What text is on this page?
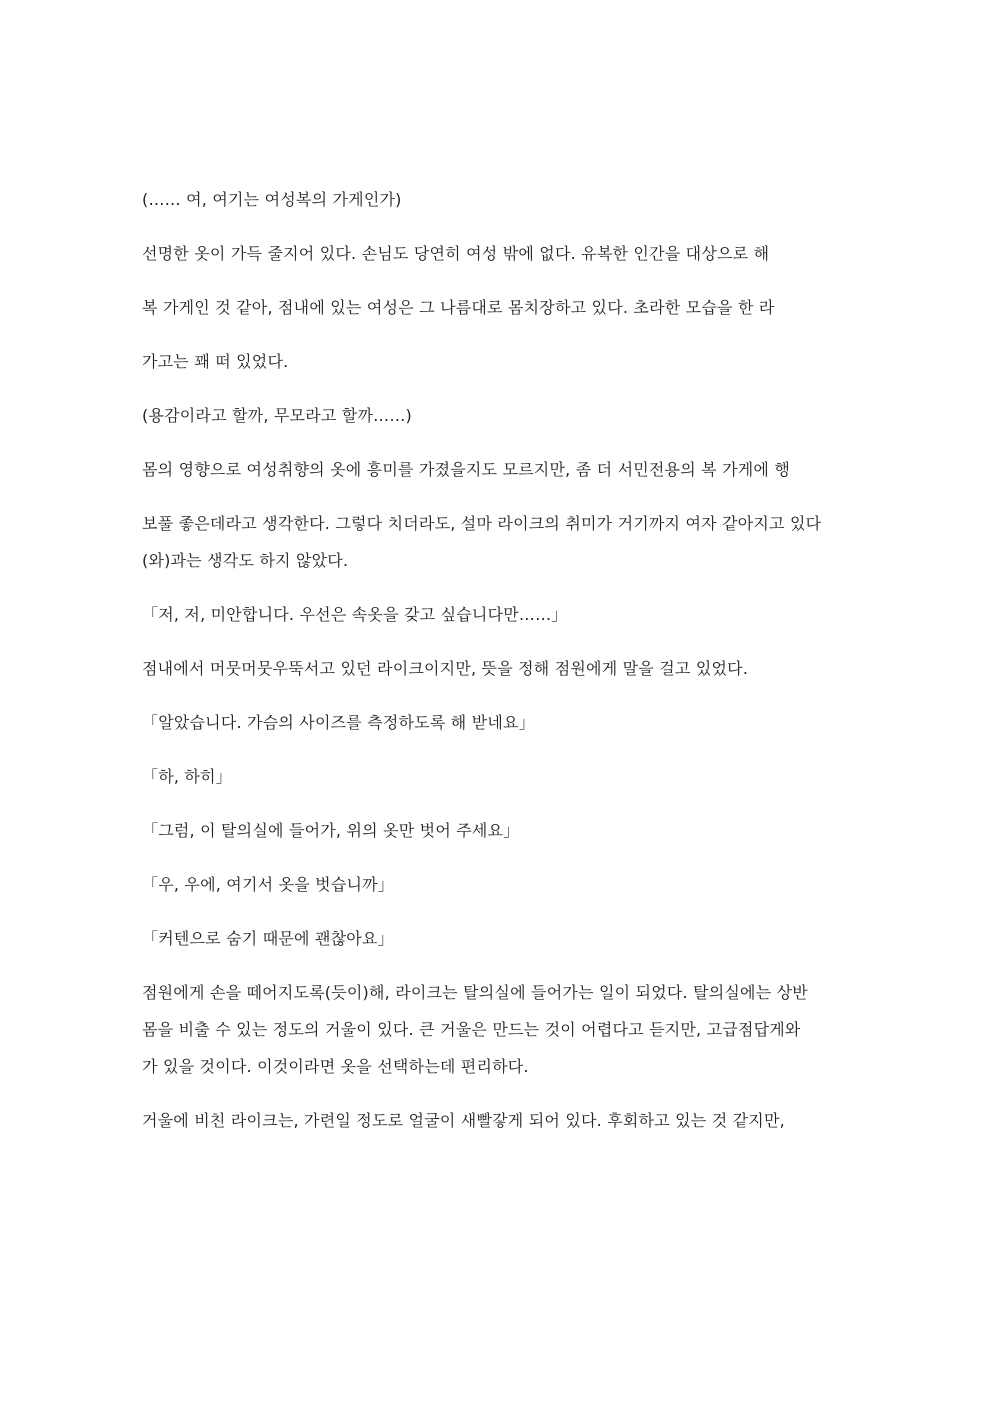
(…… 여, 여기는 여성복의 가게인가)

선명한 옷이 가득 줄지어 있다. 손님도 당연히 여성 밖에 없다. 유복한 인간을 대상으로 해

복 가게인 것 같아, 점내에 있는 여성은 그 나름대로 몸치장하고 있다. 초라한 모습을 한 라

가고는 꽤 떠 있었다.

(용감이라고 할까, 무모라고 할까……)

몸의 영향으로 여성취향의 옷에 흥미를 가졌을지도 모르지만, 좀 더 서민전용의 복 가게에 행

보풀 좋은데라고 생각한다. 그렇다 치더라도, 설마 라이크의 취미가 거기까지 여자 같아지고 있다

(와)과는 생각도 하지 않았다.

「저, 저, 미안합니다. 우선은 속옷을 갖고 싶습니다만……」

점내에서 머뭇머뭇우뚝서고 있던 라이크이지만, 뜻을 정해 점원에게 말을 걸고 있었다.

「알았습니다. 가슴의 사이즈를 측정하도록 해 받네요」

「하, 하히」

「그럼, 이 탈의실에 들어가, 위의 옷만 벗어 주세요」

「우, 우에, 여기서 옷을 벗습니까」

「커텐으로 숨기 때문에 괜찮아요」

점원에게 손을 떼어지도록(듯이)해, 라이크는 탈의실에 들어가는 일이 되었다. 탈의실에는 상반

몸을 비출 수 있는 정도의 거울이 있다. 큰 거울은 만드는 것이 어렵다고 듣지만, 고급점답게와

가 있을 것이다. 이것이라면 옷을 선택하는데 편리하다.

거울에 비친 라이크는, 가련일 정도로 얼굴이 새빨갛게 되어 있다. 후회하고 있는 것 같지만,
